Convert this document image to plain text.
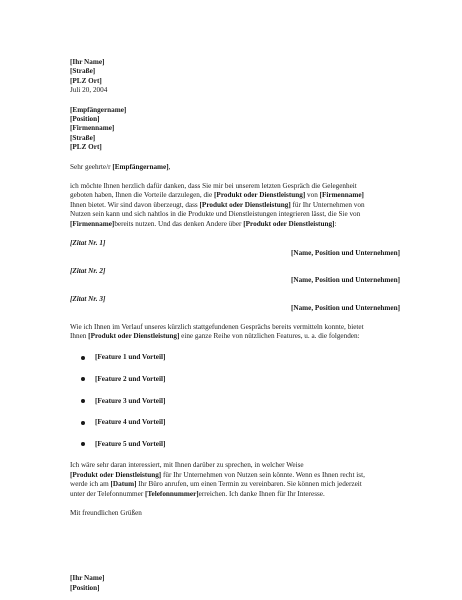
[Ihr Name]
[Straße]
[PLZ Ort]
Juli 20, 2004
[Empfängername]
[Position]
[Firmenname]
[Straße]
[PLZ Ort]
Sehr geehrte/r [Empfängername],
ich möchte Ihnen herzlich dafür danken, dass Sie mir bei unserem letzten Gespräch die Gelegenheit
geboten haben, Ihnen die Vorteile darzulegen, die [Produkt oder Dienstleistung] von [Firmenname]
Ihnen bietet. Wir sind davon überzeugt, dass [Produkt oder Dienstleistung] für Ihr Unternehmen von
Nutzen sein kann und sich nahtlos in die Produkte und Dienstleistungen integrieren lässt, die Sie von
[Firmenname]bereits nutzen. Und das denken Andere über [Produkt oder Dienstleistung]:
[Zitat Nr. 1]
[Name, Position und Unternehmen]
[Zitat Nr. 2]
[Name, Position und Unternehmen]
[Zitat Nr. 3]
[Name, Position und Unternehmen]
Wie ich Ihnen im Verlauf unseres kürzlich stattgefundenen Gesprächs bereits vermitteln konnte, bietet
Ihnen [Produkt oder Dienstleistung] eine ganze Reihe von nützlichen Features, u. a. die folgenden:
[Feature 1 und Vorteil]
[Feature 2 und Vorteil]
[Feature 3 und Vorteil]
[Feature 4 und Vorteil]
[Feature 5 und Vorteil]
Ich wäre sehr daran interessiert, mit Ihnen darüber zu sprechen, in welcher Weise
[Produkt oder Dienstleistung] für Ihr Unternehmen von Nutzen sein könnte. Wenn es Ihnen recht ist,
werde ich am [Datum] Ihr Büro anrufen, um einen Termin zu vereinbaren. Sie können mich jederzeit
unter der Telefonnummer [Telefonnummer]erreichen. Ich danke Ihnen für Ihr Interesse.
Mit freundlichen Grüßen
[Ihr Name]
[Position]
